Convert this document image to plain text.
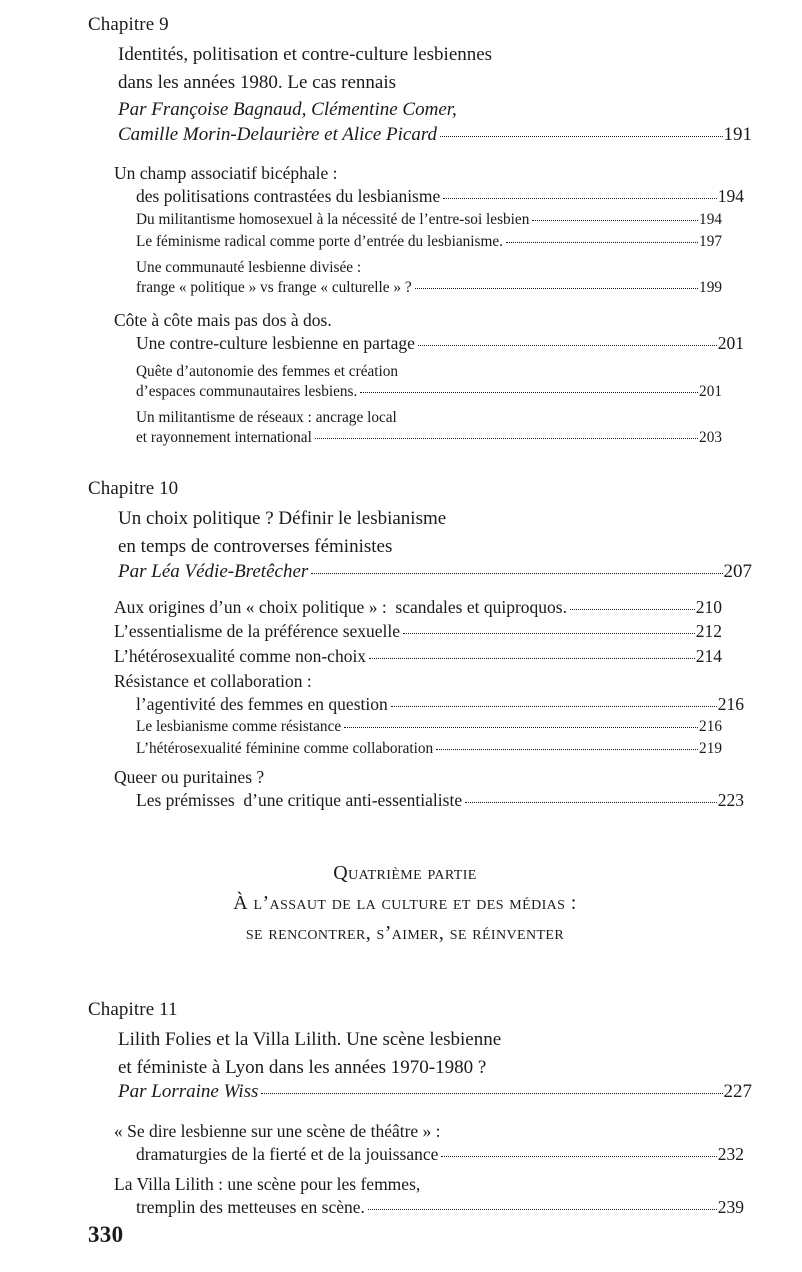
Chapitre 9
Identités, politisation et contre-culture lesbiennes
dans les années 1980. Le cas rennais
Par Françoise Bagnaud, Clémentine Comer,
Camille Morin-Delaurière et Alice Picard	191
Un champ associatif bicéphale :
des politisations contrastées du lesbianisme	194
Du militantisme homosexuel à la nécessité de l’entre-soi lesbien	194
Le féminisme radical comme porte d’entrée du lesbianisme.	197
Une communauté lesbienne divisée :
frange « politique » vs frange « culturelle » ?	199
Côte à côte mais pas dos à dos.
Une contre-culture lesbienne en partage	201
Quête d’autonomie des femmes et création
d’espaces communautaires lesbiens.	201
Un militantisme de réseaux : ancrage local
et rayonnement international	203
Chapitre 10
Un choix politique ? Définir le lesbianisme
en temps de controverses féministes
Par Léa Védie-Bretêcher	207
Aux origines d’un « choix politique » :  scandales et quiproquos.	210
L’essentialisme de la préférence sexuelle	212
L’hétérosexualité comme non-choix	214
Résistance et collaboration :
l’agentivité des femmes en question	216
Le lesbianisme comme résistance	216
L’hétérosexualité féminine comme collaboration	219
Queer ou puritaines ?
Les prémisses  d’une critique anti-essentialiste	223
Quatrième partie
À l’assaut de la culture et des médias :
se rencontrer, s’aimer, se réinventer
Chapitre 11
Lilith Folies et la Villa Lilith. Une scène lesbienne
et féministe à Lyon dans les années 1970-1980 ?
Par Lorraine Wiss	227
« Se dire lesbienne sur une scène de théâtre » :
dramaturgies de la fierté et de la jouissance	232
La Villa Lilith : une scène pour les femmes,
tremplin des metteuses en scène.	239
330
